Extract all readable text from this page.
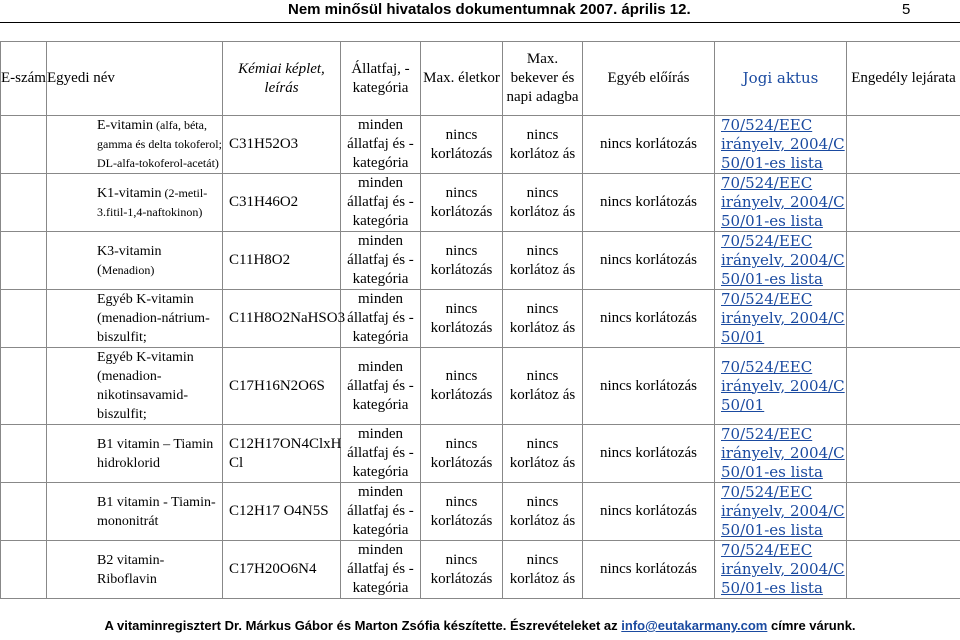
Nem minősül hivatalos dokumentumnak 2007. április 12.	5
E-szám	Egyedi név	Kémiai képlet, leírás	Állatfaj, -kategória	Max. életkor	Max. bekever és napi adagba	Egyéb előírás	Jogi aktus	Engedély lejárata
	E-vitamin (alfa, béta, gamma és delta tokoferol; DL-alfa-tokoferol-acetát)	C31H52O3	minden állatfaj és -kategória	nincs korlátozás	nincs korlátoz ás	nincs korlátozás	70/524/EEC
irányelv, 2004/C
50/01-es lista	

	K1-vitamin (2-metil-3.fitil-1,4-naftokinon)	C31H46O2	minden állatfaj és -kategória	nincs korlátozás	nincs korlátoz ás	nincs korlátozás	70/524/EEC
irányelv, 2004/C
50/01-es lista	

	K3-vitamin (Menadion)	C11H8O2	minden állatfaj és -kategória	nincs korlátozás	nincs korlátoz ás	nincs korlátozás	70/524/EEC
irányelv, 2004/C
50/01-es lista	

	Egyéb K-vitamin (menadion-nátrium-biszulfit;	C11H8O2NaHSO3	minden állatfaj és -kategória	nincs korlátozás	nincs korlátoz ás	nincs korlátozás	70/524/EEC
irányelv, 2004/C
50/01	

	Egyéb K-vitamin (menadion-nikotinsavamid-biszulfit;	C17H16N2O6S	minden állatfaj és -kategória	nincs korlátozás	nincs korlátoz ás	nincs korlátozás	70/524/EEC
irányelv, 2004/C
50/01	

	B1 vitamin – Tiamin hidroklorid	C12H17ON4ClxH Cl	minden állatfaj és -kategória	nincs korlátozás	nincs korlátoz ás	nincs korlátozás	70/524/EEC
irányelv, 2004/C
50/01-es lista	

	B1 vitamin - Tiamin-mononitrát	C12H17 O4N5S	minden állatfaj és -kategória	nincs korlátozás	nincs korlátoz ás	nincs korlátozás	70/524/EEC
irányelv, 2004/C
50/01-es lista	

	B2 vitamin- Riboflavin	C17H20O6N4	minden állatfaj és -kategória	nincs korlátozás	nincs korlátoz ás	nincs korlátozás	70/524/EEC
irányelv, 2004/C
50/01-es lista	

A vitaminregisztert Dr. Márkus Gábor és Marton Zsófia készítette. Észrevételeket az info@eutakarmany.com címre várunk.
